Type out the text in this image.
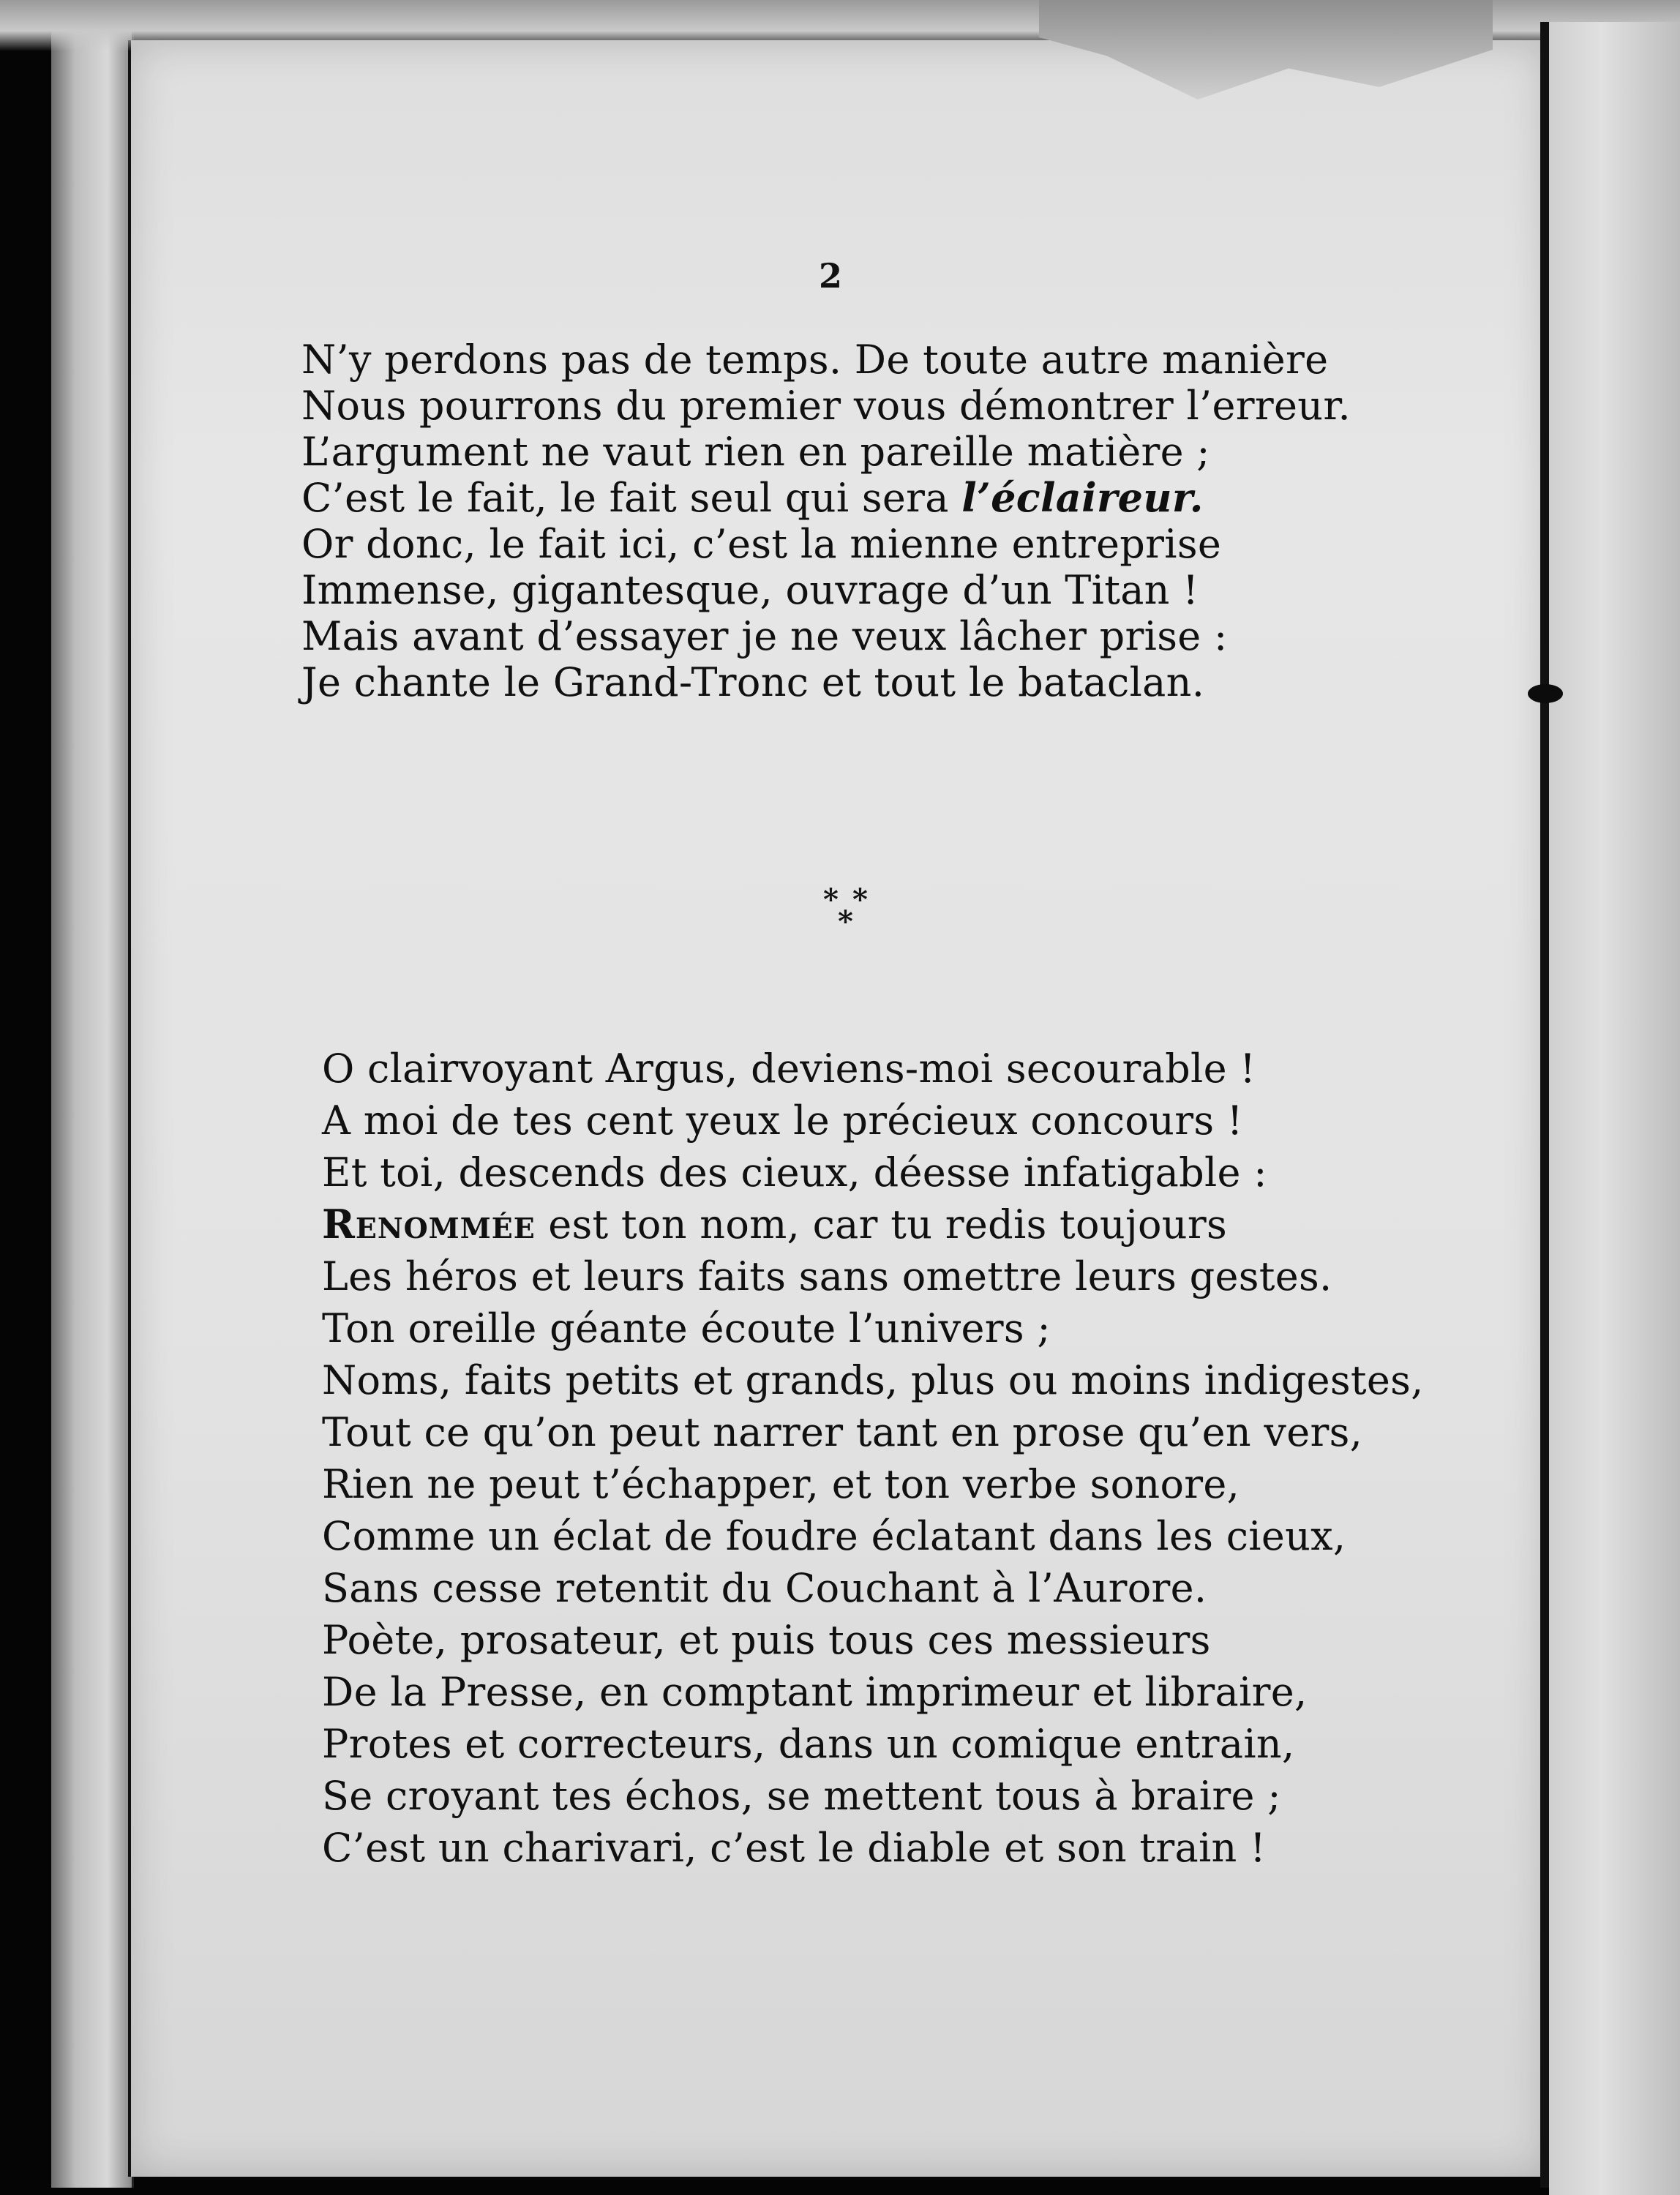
2
N’y perdons pas de temps. De toute autre manière
Nous pourrons du premier vous démontrer l’erreur.
L’argument ne vaut rien en pareille matière ;
C’est le fait, le fait seul qui sera l’éclaireur.
Or donc, le fait ici, c’est la mienne entreprise
Immense, gigantesque, ouvrage d’un Titan !
Mais avant d’essayer je ne veux lâcher prise :
Je chante le Grand-Tronc et tout le bataclan.
* *
*
O clairvoyant Argus, deviens-moi secourable !
A moi de tes cent yeux le précieux concours !
Et toi, descends des cieux, déesse infatigable :
Renommée est ton nom, car tu redis toujours
Les héros et leurs faits sans omettre leurs gestes.
Ton oreille géante écoute l’univers ;
Noms, faits petits et grands, plus ou moins indigestes,
Tout ce qu’on peut narrer tant en prose qu’en vers,
Rien ne peut t’échapper, et ton verbe sonore,
Comme un éclat de foudre éclatant dans les cieux,
Sans cesse retentit du Couchant à l’Aurore.
Poète, prosateur, et puis tous ces messieurs
De la Presse, en comptant imprimeur et libraire,
Protes et correcteurs, dans un comique entrain,
Se croyant tes échos, se mettent tous à braire ;
C’est un charivari, c’est le diable et son train !
